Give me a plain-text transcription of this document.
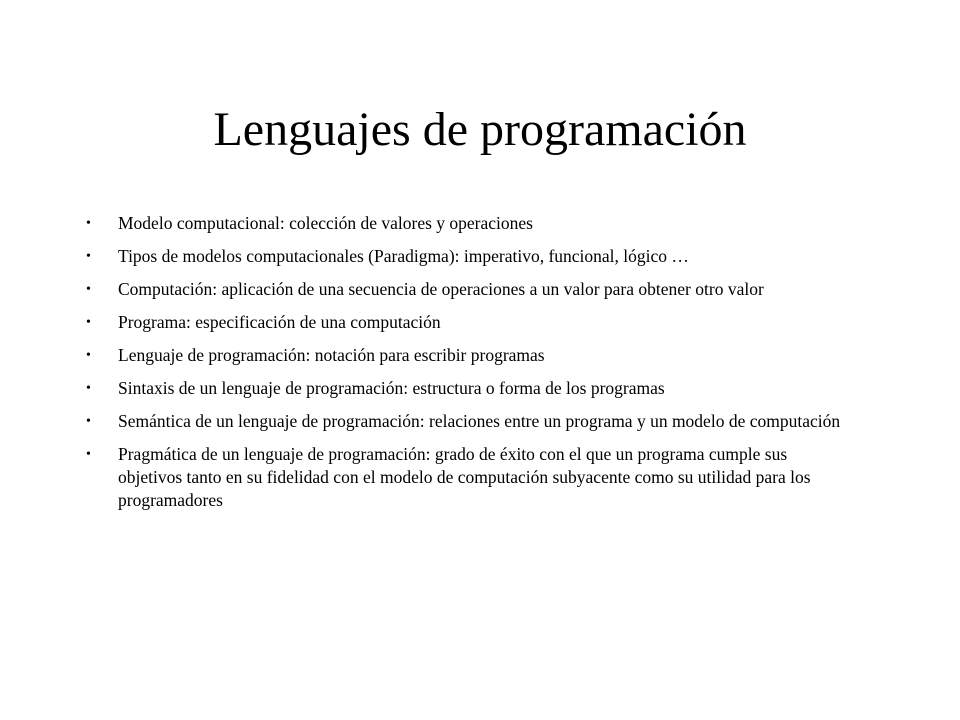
Lenguajes de programación
• Modelo computacional: colección de valores y operaciones
• Tipos de modelos computacionales (Paradigma): imperativo, funcional, lógico …
• Computación: aplicación de una secuencia de operaciones a un valor para obtener otro valor
• Programa: especificación de una computación
• Lenguaje de programación: notación para escribir programas
• Sintaxis de un lenguaje de programación: estructura o forma de los programas
• Semántica de un lenguaje de programación: relaciones entre un programa y un modelo de computación
• Pragmática de un lenguaje de programación: grado de éxito con el que un programa cumple sus objetivos tanto en su fidelidad con el modelo de computación subyacente como su utilidad para los programadores
